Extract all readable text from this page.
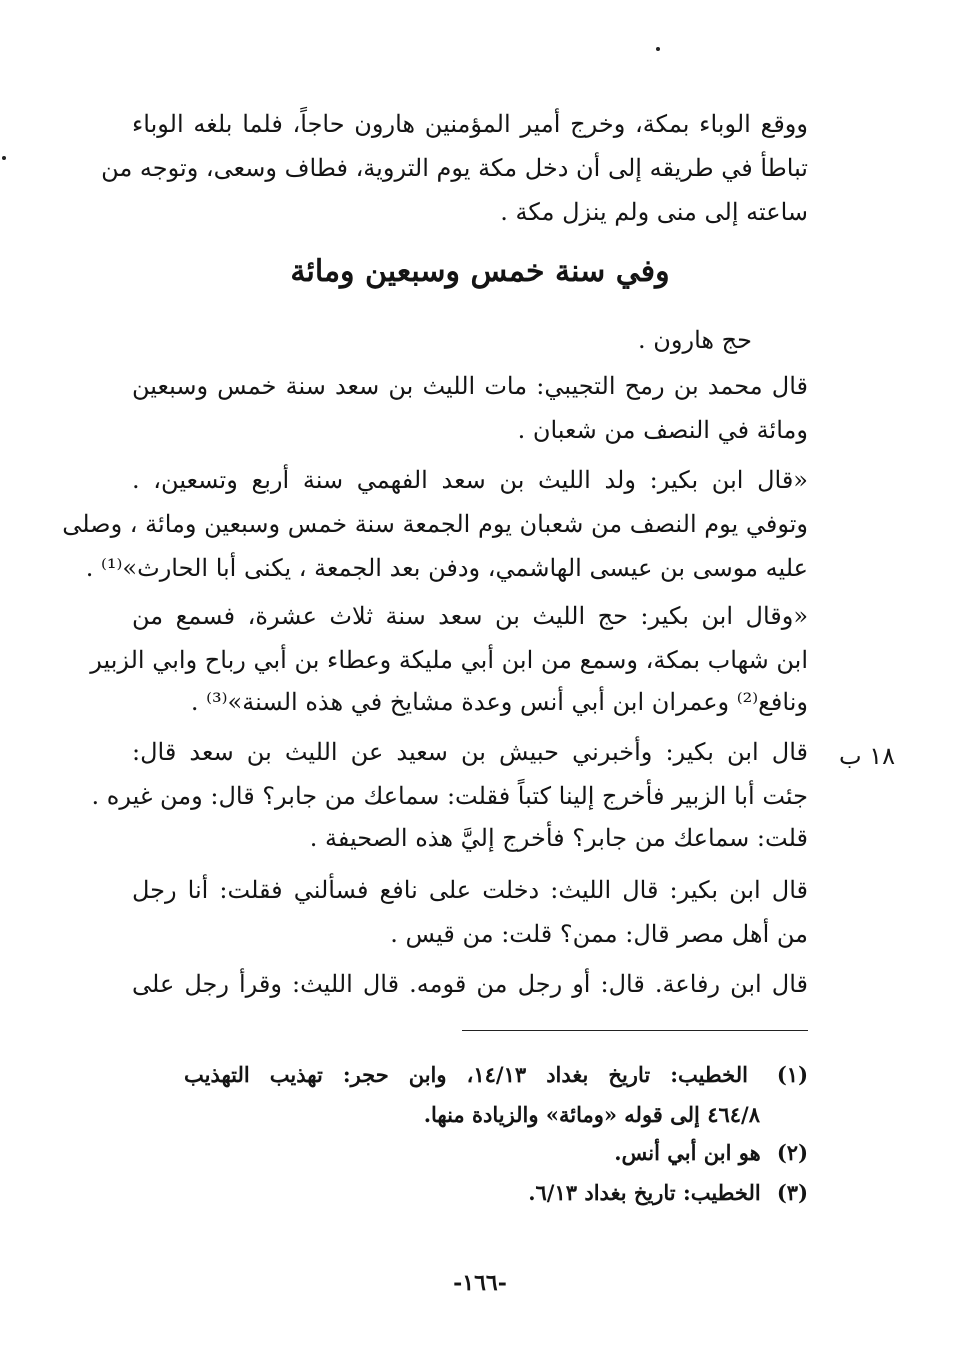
ووقع الوباء بمكة، وخرج أمير المؤمنين هارون حاجاً، فلما بلغه الوباء
تباطأ في طريقه إلى أن دخل مكة يوم التروية، فطاف وسعى، وتوجه من
ساعته إلى منى ولم ينزل مكة .
وفي سنة خمس وسبعين ومائة
حج هارون .
قال محمد بن رمح التجيبي: مات الليث بن سعد سنة خمس وسبعين
ومائة في النصف من شعبان .
«قال ابن بكير: ولد الليث بن سعد الفهمي سنة أربع وتسعين، .
وتوفي يوم النصف من شعبان يوم الجمعة سنة خمس وسبعين ومائة ، وصلى
عليه موسى بن عيسى الهاشمي، ودفن بعد الجمعة ، يكنى أبا الحارث»⁽¹⁾ .
«وقال ابن بكير: حج الليث بن سعد سنة ثلاث عشرة، فسمع من
ابن شهاب بمكة، وسمع من ابن أبي مليكة وعطاء بن أبي رباح وابي الزبير
ونافع⁽²⁾ وعمران ابن أبي أنس وعدة مشايخ في هذه السنة»⁽³⁾ .
قال ابن بكير: وأخبرني حبيش بن سعيد عن الليث بن سعد قال:
جئت أبا الزبير فأخرج إلينا كتباً فقلت: سماعك من جابر؟ قال: ومن غيره .
قلت: سماعك من جابر؟ فأخرج إليَّ هذه الصحيفة .
قال ابن بكير: قال الليث: دخلت على نافع فسألني فقلت: أنا رجل
من أهل مصر قال: ممن؟ قلت: من قيس .
قال ابن رفاعة. قال: أو رجل من قومه. قال الليث: وقرأ رجل على
١٨ ب
(١) الخطيب: تاريخ بغداد ١٤/١٣، وابن حجر: تهذيب التهذيب
٤٦٤/٨ إلى قوله «ومائة» والزيادة منها.
(٢) هو ابن أبي أنس.
(٣) الخطيب: تاريخ بغداد ٦/١٣.
-١٦٦-
